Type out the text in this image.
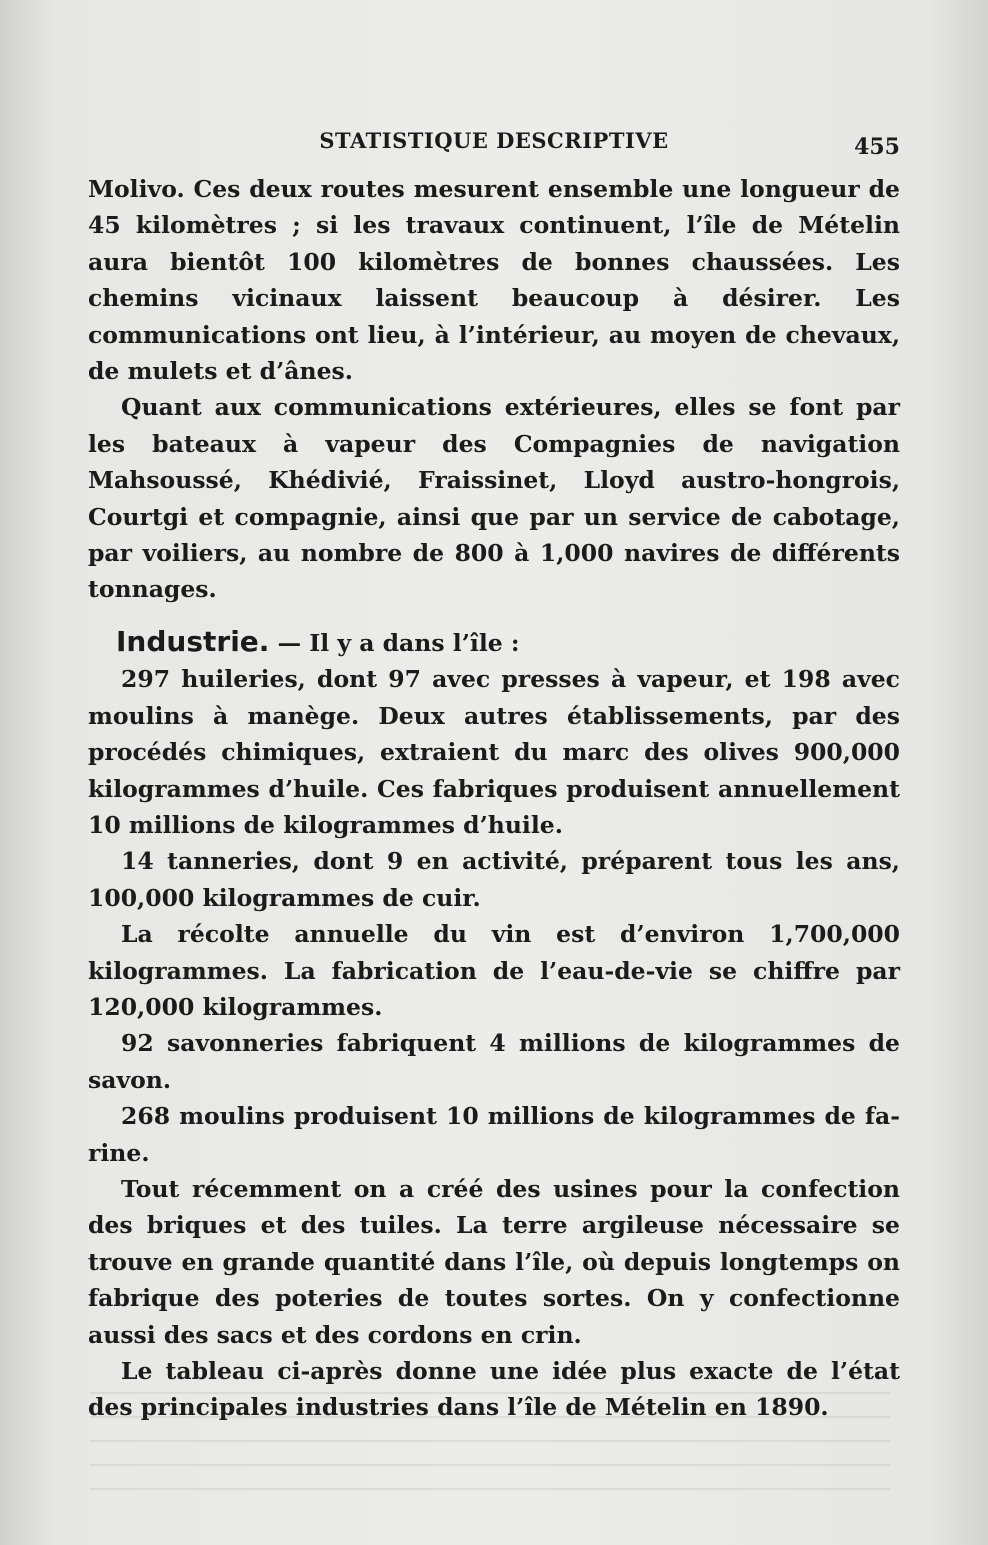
STATISTIQUE DESCRIPTIVE	455

Molivo. Ces deux routes mesurent ensemble une longueur de 45 kilomètres ; si les travaux continuent, l’île de Mételin aura bientôt 100 kilomètres de bonnes chaussées. Les chemins vicinaux laissent beaucoup à désirer. Les communications ont lieu, à l’intérieur, au moyen de chevaux, de mulets et d’ânes.

Quant aux communications extérieures, elles se font par les bateaux à vapeur des Compagnies de navigation Mahsoussé, Khédivié, Fraissinet, Lloyd austro-hongrois, Courtgi et compagnie, ainsi que par un service de cabotage, par voiliers, au nombre de 800 à 1,000 navires de différents tonnages.

Industrie. — Il y a dans l’île :

297 huileries, dont 97 avec presses à vapeur, et 198 avec moulins à manège. Deux autres établissements, par des procédés chimiques, extraient du marc des olives 900,000 kilogrammes d’huile. Ces fabriques produisent annuellement 10 millions de kilogrammes d’huile.

14 tanneries, dont 9 en activité, préparent tous les ans, 100,000 kilogrammes de cuir.

La récolte annuelle du vin est d’environ 1,700,000 kilogrammes. La fabrication de l’eau-de-vie se chiffre par 120,000 kilogrammes.

92 savonneries fabriquent 4 millions de kilogrammes de savon.

268 moulins produisent 10 millions de kilogrammes de farine.

Tout récemment on a créé des usines pour la confection des briques et des tuiles. La terre argileuse nécessaire se trouve en grande quantité dans l’île, où depuis longtemps on fabrique des poteries de toutes sortes. On y confectionne aussi des sacs et des cordons en crin.

Le tableau ci-après donne une idée plus exacte de l’état des principales industries dans l’île de Mételin en 1890.
